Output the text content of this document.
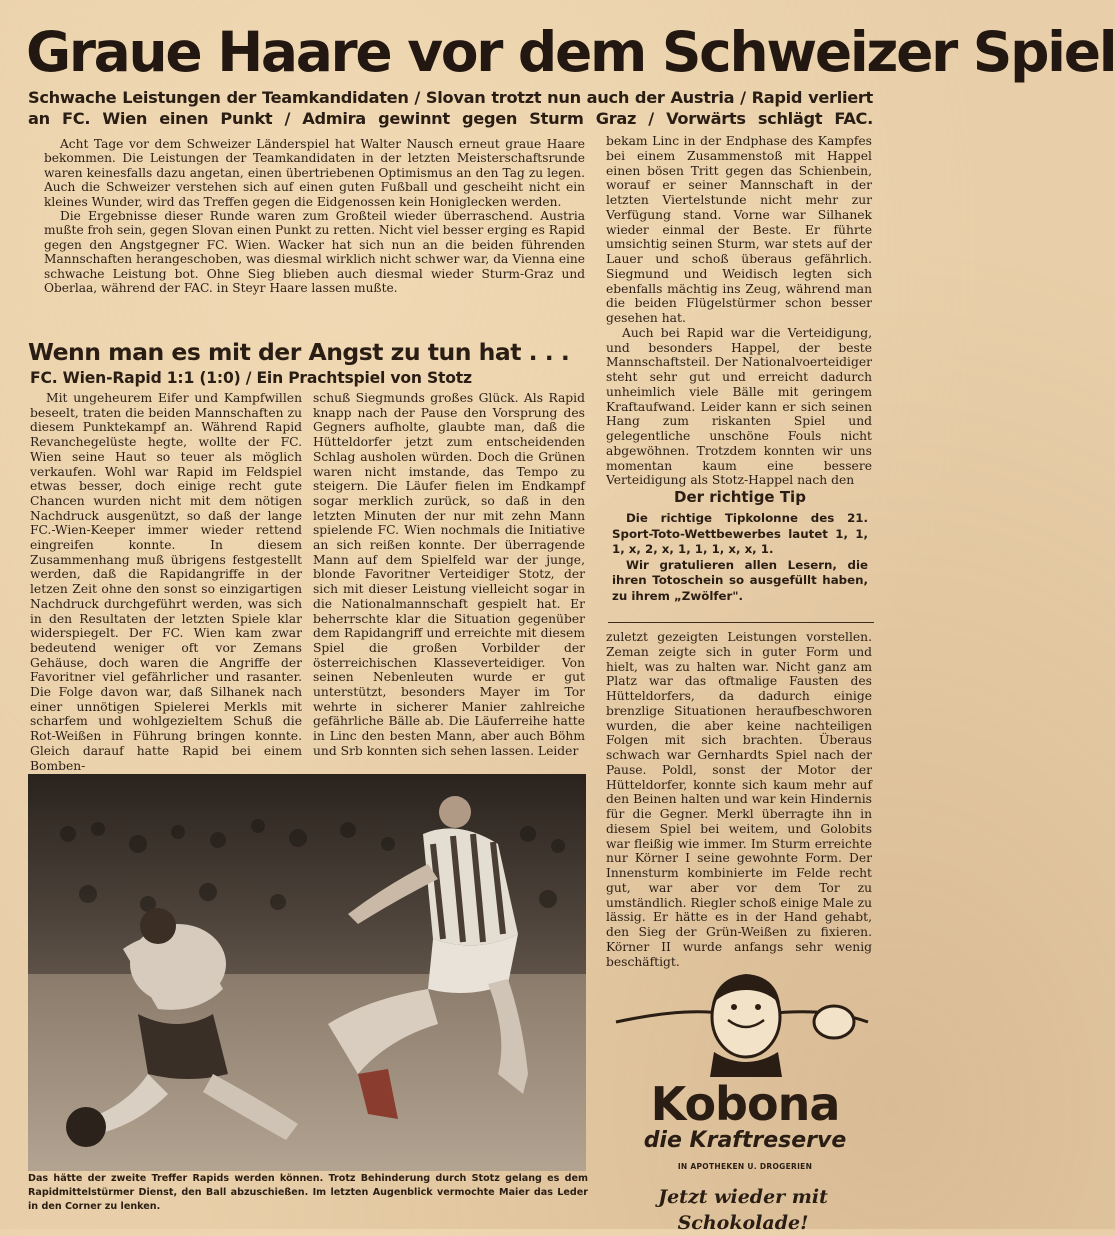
Graue Haare vor dem Schweizer Spiel
Schwache Leistungen der Teamkandidaten / Slovan trotzt nun auch der Austria / Rapid verliert an FC. Wien einen Punkt / Admira gewinnt gegen Sturm Graz / Vorwärts schlägt FAC.

Acht Tage vor dem Schweizer Länderspiel hat Walter Nausch erneut graue Haare bekommen. Die Leistungen der Teamkandidaten in der letzten Meisterschaftsrunde waren keinesfalls dazu angetan, einen übertriebenen Optimismus an den Tag zu legen. Auch die Schweizer verstehen sich auf einen guten Fußball und gescheiht nicht ein kleines Wunder, wird das Treffen gegen die Eidgenossen kein Honiglecken werden.

Die Ergebnisse dieser Runde waren zum Großteil wieder überraschend. Austria mußte froh sein, gegen Slovan einen Punkt zu retten. Nicht viel besser erging es Rapid gegen den Angstgegner FC. Wien. Wacker hat sich nun an die beiden führenden Mannschaften herangeschoben, was diesmal wirklich nicht schwer war, da Vienna eine schwache Leistung bot. Ohne Sieg blieben auch diesmal wieder Sturm-Graz und Oberlaa, während der FAC. in Steyr Haare lassen mußte.

Wenn man es mit der Angst zu tun hat . . .
FC. Wien-Rapid 1:1 (1:0) / Ein Prachtspiel von Stotz

Mit ungeheurem Eifer und Kampfwillen beseelt, traten die beiden Mannschaften zu diesem Punktekampf an. Während Rapid Revanchegelüste hegte, wollte der FC. Wien seine Haut so teuer als möglich verkaufen. Wohl war Rapid im Feldspiel etwas besser, doch einige recht gute Chancen wurden nicht mit dem nötigen Nachdruck ausgenützt, so daß der lange FC.-Wien-Keeper immer wieder rettend eingreifen konnte. In diesem Zusammenhang muß übrigens festgestellt werden, daß die Rapidangriffe in der letzen Zeit ohne den sonst so einzigartigen Nachdruck durchgeführt werden, was sich in den Resultaten der letzten Spiele klar widerspiegelt. Der FC. Wien kam zwar bedeutend weniger oft vor Zemans Gehäuse, doch waren die Angriffe der Favoritner viel gefährlicher und rasanter. Die Folge davon war, daß Silhanek nach einer unnötigen Spielerei Merkls mit scharfem und wohlgezieltem Schuß die Rot-Weißen in Führung bringen konnte. Gleich darauf hatte Rapid bei einem Bomben-

schuß Siegmunds großes Glück. Als Rapid knapp nach der Pause den Vorsprung des Gegners aufholte, glaubte man, daß die Hütteldorfer jetzt zum entscheidenden Schlag ausholen würden. Doch die Grünen waren nicht imstande, das Tempo zu steigern. Die Läufer fielen im Endkampf sogar merklich zurück, so daß in den letzten Minuten der nur mit zehn Mann spielende FC. Wien nochmals die Initiative an sich reißen konnte. Der überragende Mann auf dem Spielfeld war der junge, blonde Favoritner Verteidiger Stotz, der sich mit dieser Leistung vielleicht sogar in die Nationalmannschaft gespielt hat. Er beherrschte klar die Situation gegenüber dem Rapidangriff und erreichte mit diesem Spiel die großen Vorbilder der österreichischen Klasseverteidiger. Von seinen Nebenleuten wurde er gut unterstützt, besonders Mayer im Tor wehrte in sicherer Manier zahlreiche gefährliche Bälle ab. Die Läuferreihe hatte in Linc den besten Mann, aber auch Böhm und Srb konnten sich sehen lassen. Leider

bekam Linc in der Endphase des Kampfes bei einem Zusammenstoß mit Happel einen bösen Tritt gegen das Schienbein, worauf er seiner Mannschaft in der letzten Viertelstunde nicht mehr zur Verfügung stand. Vorne war Silhanek wieder einmal der Beste. Er führte umsichtig seinen Sturm, war stets auf der Lauer und schoß überaus gefährlich. Siegmund und Weidisch legten sich ebenfalls mächtig ins Zeug, während man die beiden Flügelstürmer schon besser gesehen hat.

Auch bei Rapid war die Verteidigung, und besonders Happel, der beste Mannschaftsteil. Der Nationalvoerteidiger steht sehr gut und erreicht dadurch unheimlich viele Bälle mit geringem Kraftaufwand. Leider kann er sich seinen Hang zum riskanten Spiel und gelegentliche unschöne Fouls nicht abgewöhnen. Trotzdem konnten wir uns momentan kaum eine bessere Verteidigung als Stotz-Happel nach den

Der richtige Tip

Die richtige Tipkolonne des 21. Sport-Toto-Wettbewerbes lautet 1, 1, 1, x, 2, x, 1, 1, 1, x, x, 1.

Wir gratulieren allen Lesern, die ihren Totoschein so ausgefüllt haben, zu ihrem „Zwölfer".

zuletzt gezeigten Leistungen vorstellen. Zeman zeigte sich in guter Form und hielt, was zu halten war. Nicht ganz am Platz war das oftmalige Fausten des Hütteldorfers, da dadurch einige brenzlige Situationen heraufbeschworen wurden, die aber keine nachteiligen Folgen mit sich brachten. Überaus schwach war Gernhardts Spiel nach der Pause. Poldl, sonst der Motor der Hütteldorfer, konnte sich kaum mehr auf den Beinen halten und war kein Hindernis für die Gegner. Merkl überragte ihn in diesem Spiel bei weitem, und Golobits war fleißig wie immer. Im Sturm erreichte nur Körner I seine gewohnte Form. Der Innensturm kombinierte im Felde recht gut, war aber vor dem Tor zu umständlich. Riegler schoß einige Male zu lässig. Er hätte es in der Hand gehabt, den Sieg der Grün-Weißen zu fixieren. Körner II wurde anfangs sehr wenig beschäftigt.

Das hätte der zweite Treffer Rapids werden können. Trotz Behinderung durch Stotz gelang es dem Rapidmittelstürmer Dienst, den Ball abzuschießen. Im letzten Augenblick vermochte Maier das Leder in den Corner zu lenken.
Kobona
die Kraftreserve
IN APOTHEKEN U. DROGERIEN
Jetzt wieder mit Schokolade!
